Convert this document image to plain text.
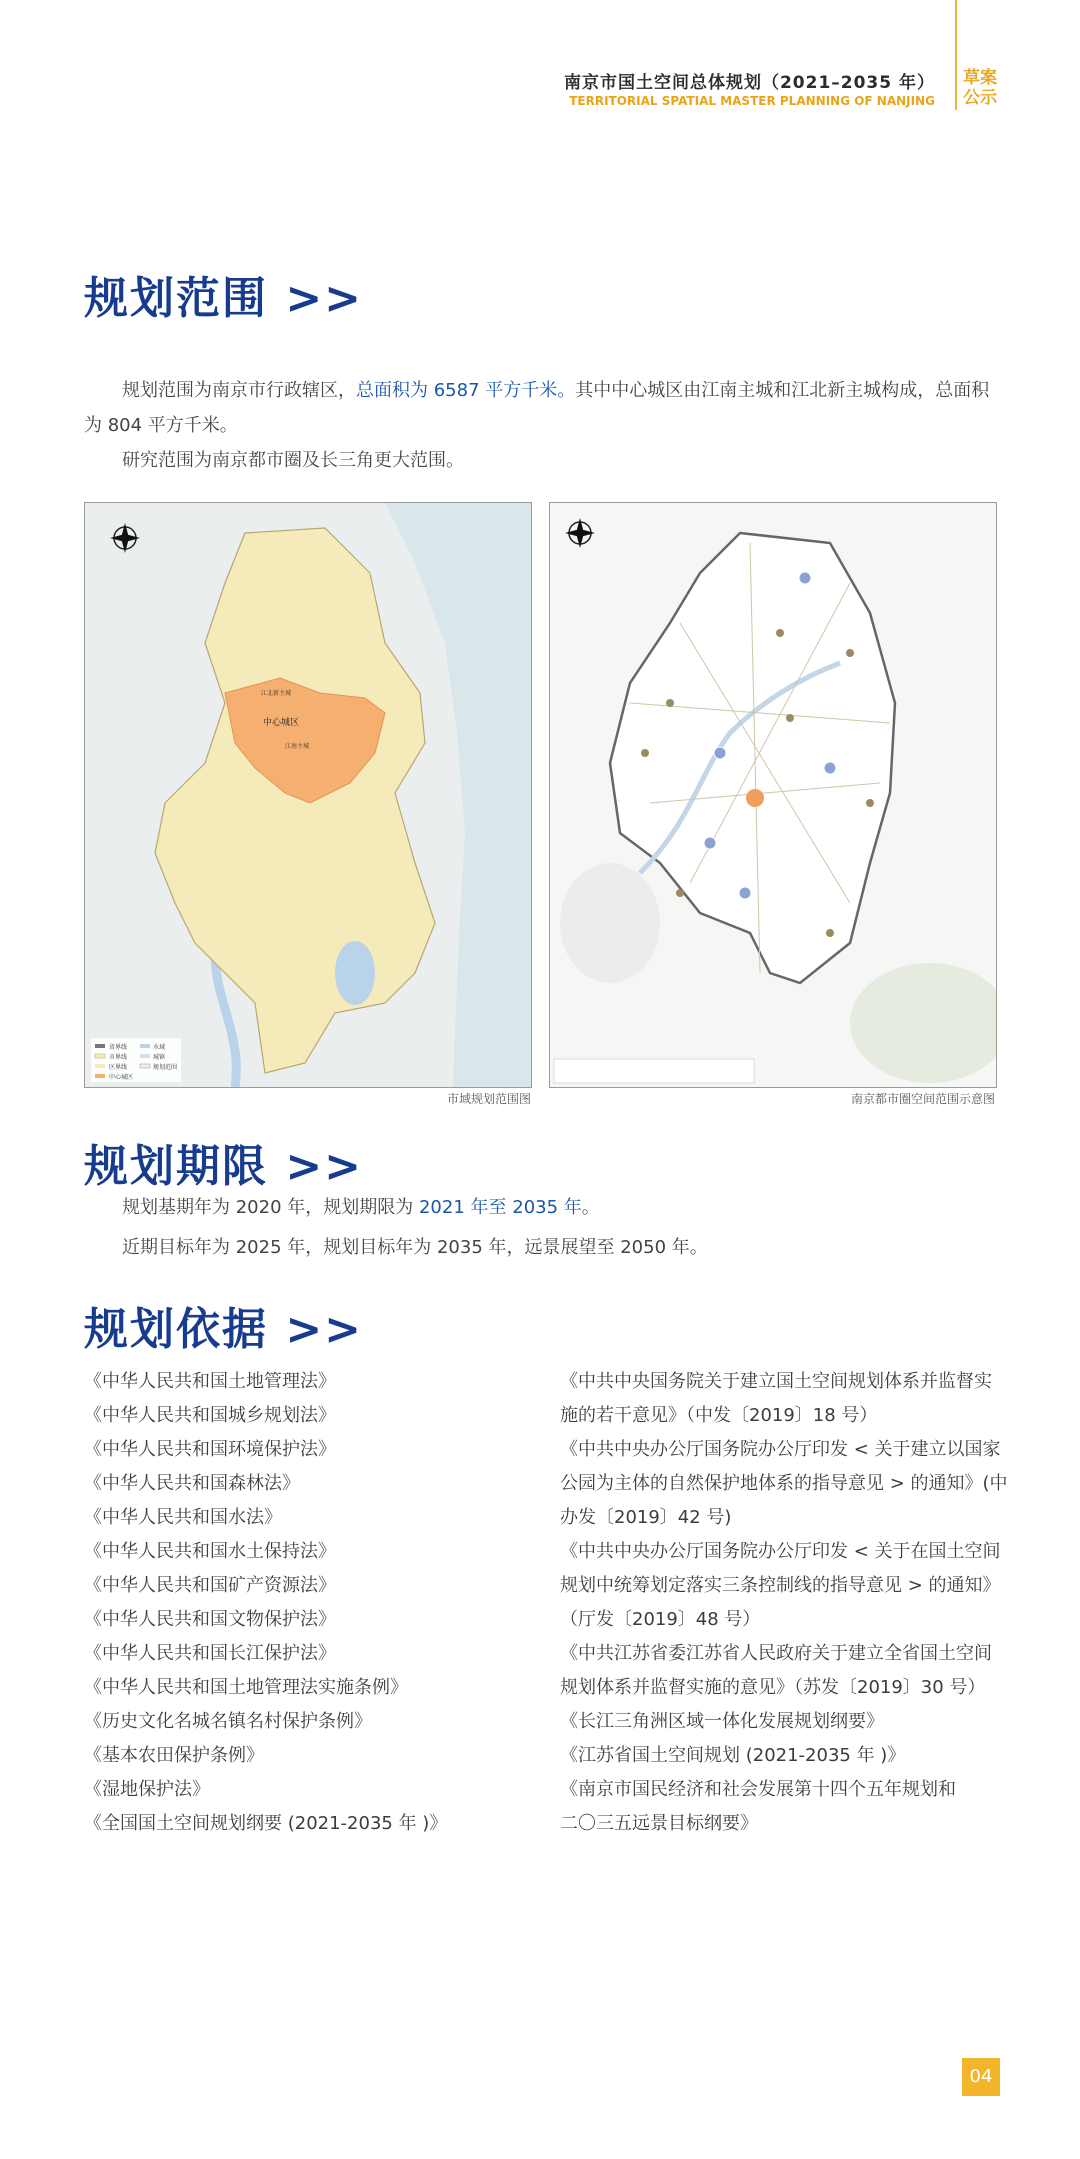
南京市国土空间总体规划（2021–2035 年）
TERRITORIAL SPATIAL MASTER PLANNING OF NANJING
草案公示
规划范围 >>

规划范围为南京市行政辖区，总面积为 6587 平方千米。其中中心城区由江南主城和江北新主城构成，总面积为 804 平方千米。

研究范围为南京都市圈及长三角更大范围。

中心城区
江北新主城
江南主城
省界线
市界线
区界线
中心城区
水域
城镇
规划范围
市域规划范围图	南京都市圈空间范围示意图
规划期限 >>

规划基期年为 2020 年，规划期限为 2021 年至 2035 年。

近期目标年为 2025 年，规划目标年为 2035 年，远景展望至 2050 年。

规划依据 >>
《中华人民共和国土地管理法》
《中华人民共和国城乡规划法》
《中华人民共和国环境保护法》
《中华人民共和国森林法》
《中华人民共和国水法》
《中华人民共和国水土保持法》
《中华人民共和国矿产资源法》
《中华人民共和国文物保护法》
《中华人民共和国长江保护法》
《中华人民共和国土地管理法实施条例》
《历史文化名城名镇名村保护条例》
《基本农田保护条例》
《湿地保护法》
《全国国土空间规划纲要 (2021-2035 年 )》
《中共中央国务院关于建立国土空间规划体系并监督实
施的若干意见》（中发〔2019〕18 号）
《中共中央办公厅国务院办公厅印发 < 关于建立以国家
公园为主体的自然保护地体系的指导意见 > 的通知》(中
办发〔2019〕42 号)
《中共中央办公厅国务院办公厅印发 < 关于在国土空间
规划中统筹划定落实三条控制线的指导意见 > 的通知》
（厅发〔2019〕48 号）
《中共江苏省委江苏省人民政府关于建立全省国土空间
规划体系并监督实施的意见》（苏发〔2019〕30 号）
《长江三角洲区域一体化发展规划纲要》
《江苏省国土空间规划 (2021-2035 年 )》
《南京市国民经济和社会发展第十四个五年规划和
二〇三五远景目标纲要》
04
